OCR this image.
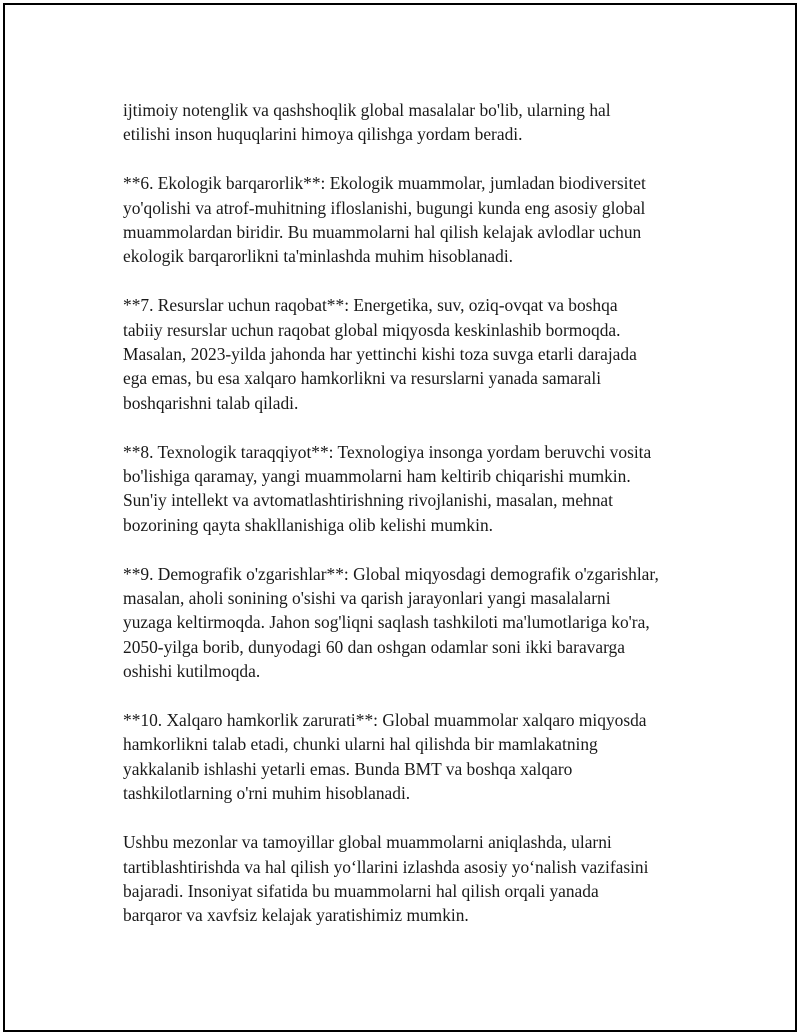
ijtimoiy notenglik va qashshoqlik global masalalar bo'lib, ularning hal
etilishi inson huquqlarini himoya qilishga yordam beradi.

**6. Ekologik barqarorlik**: Ekologik muammolar, jumladan biodiversitet
yo'qolishi va atrof-muhitning ifloslanishi, bugungi kunda eng asosiy global
muammolardan biridir. Bu muammolarni hal qilish kelajak avlodlar uchun
ekologik barqarorlikni ta'minlashda muhim hisoblanadi.

**7. Resurslar uchun raqobat**: Energetika, suv, oziq-ovqat va boshqa
tabiiy resurslar uchun raqobat global miqyosda keskinlashib bormoqda.
Masalan, 2023-yilda jahonda har yettinchi kishi toza suvga etarli darajada
ega emas, bu esa xalqaro hamkorlikni va resurslarni yanada samarali
boshqarishni talab qiladi.

**8. Texnologik taraqqiyot**: Texnologiya insonga yordam beruvchi vosita
bo'lishiga qaramay, yangi muammolarni ham keltirib chiqarishi mumkin.
Sun'iy intellekt va avtomatlashtirishning rivojlanishi, masalan, mehnat
bozorining qayta shakllanishiga olib kelishi mumkin.

**9. Demografik o'zgarishlar**: Global miqyosdagi demografik o'zgarishlar,
masalan, aholi sonining o'sishi va qarish jarayonlari yangi masalalarni
yuzaga keltirmoqda. Jahon sog'liqni saqlash tashkiloti ma'lumotlariga ko'ra,
2050-yilga borib, dunyodagi 60 dan oshgan odamlar soni ikki baravarga
oshishi kutilmoqda.

**10. Xalqaro hamkorlik zarurati**: Global muammolar xalqaro miqyosda
hamkorlikni talab etadi, chunki ularni hal qilishda bir mamlakatning
yakkalanib ishlashi yetarli emas. Bunda BMT va boshqa xalqaro
tashkilotlarning o'rni muhim hisoblanadi.

Ushbu mezonlar va tamoyillar global muammolarni aniqlashda, ularni
tartiblashtirishda va hal qilish yo‘llarini izlashda asosiy yo‘nalish vazifasini
bajaradi. Insoniyat sifatida bu muammolarni hal qilish orqali yanada
barqaror va xavfsiz kelajak yaratishimiz mumkin.
